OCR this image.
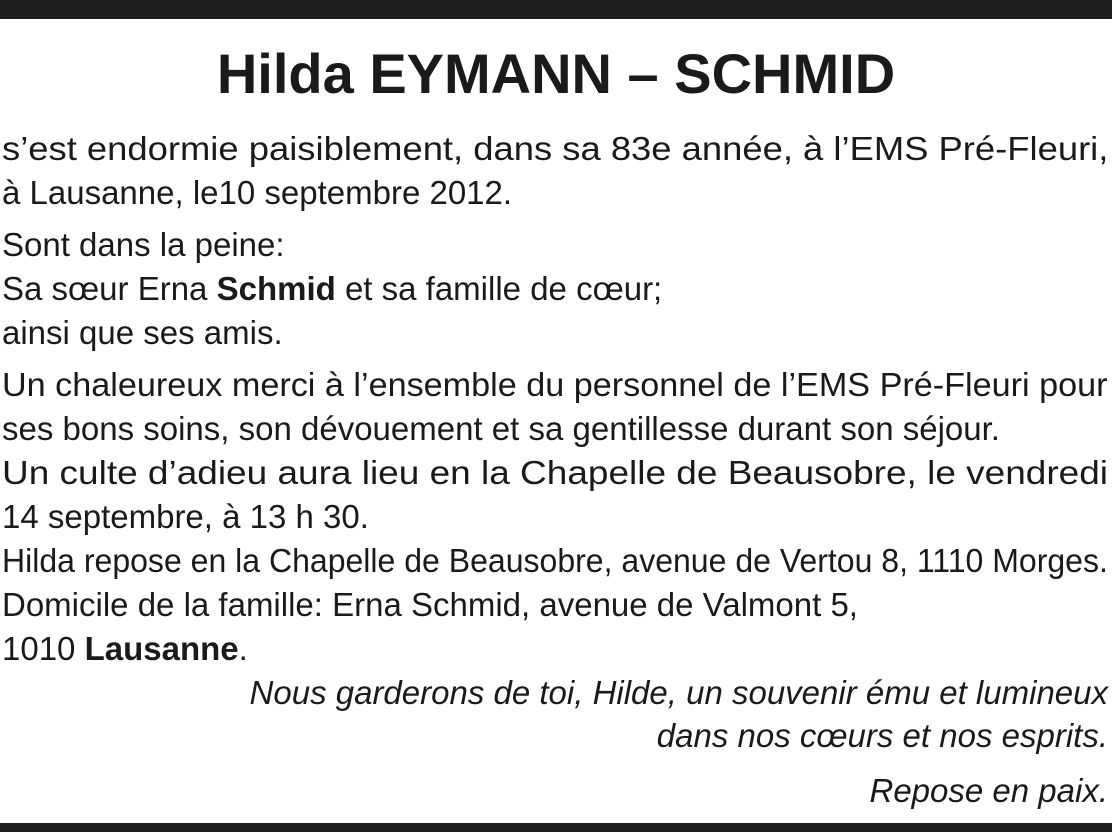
Hilda EYMANN – SCHMID
s’est endormie paisiblement, dans sa 83e année, à l’EMS Pré-Fleuri,
à Lausanne, le10 septembre 2012.
Sont dans la peine:
Sa sœur Erna Schmid et sa famille de cœur;
ainsi que ses amis.
Un chaleureux merci à l’ensemble du personnel de l’EMS Pré-Fleuri pour
ses bons soins, son dévouement et sa gentillesse durant son séjour.
Un culte d’adieu aura lieu en la Chapelle de Beausobre, le vendredi
14 septembre, à 13 h 30.
Hilda repose en la Chapelle de Beausobre, avenue de Vertou 8, 1110 Morges.
Domicile de la famille: Erna Schmid, avenue de Valmont 5,
1010 Lausanne.
Nous garderons de toi, Hilde, un souvenir ému et lumineux
dans nos cœurs et nos esprits.
Repose en paix.
